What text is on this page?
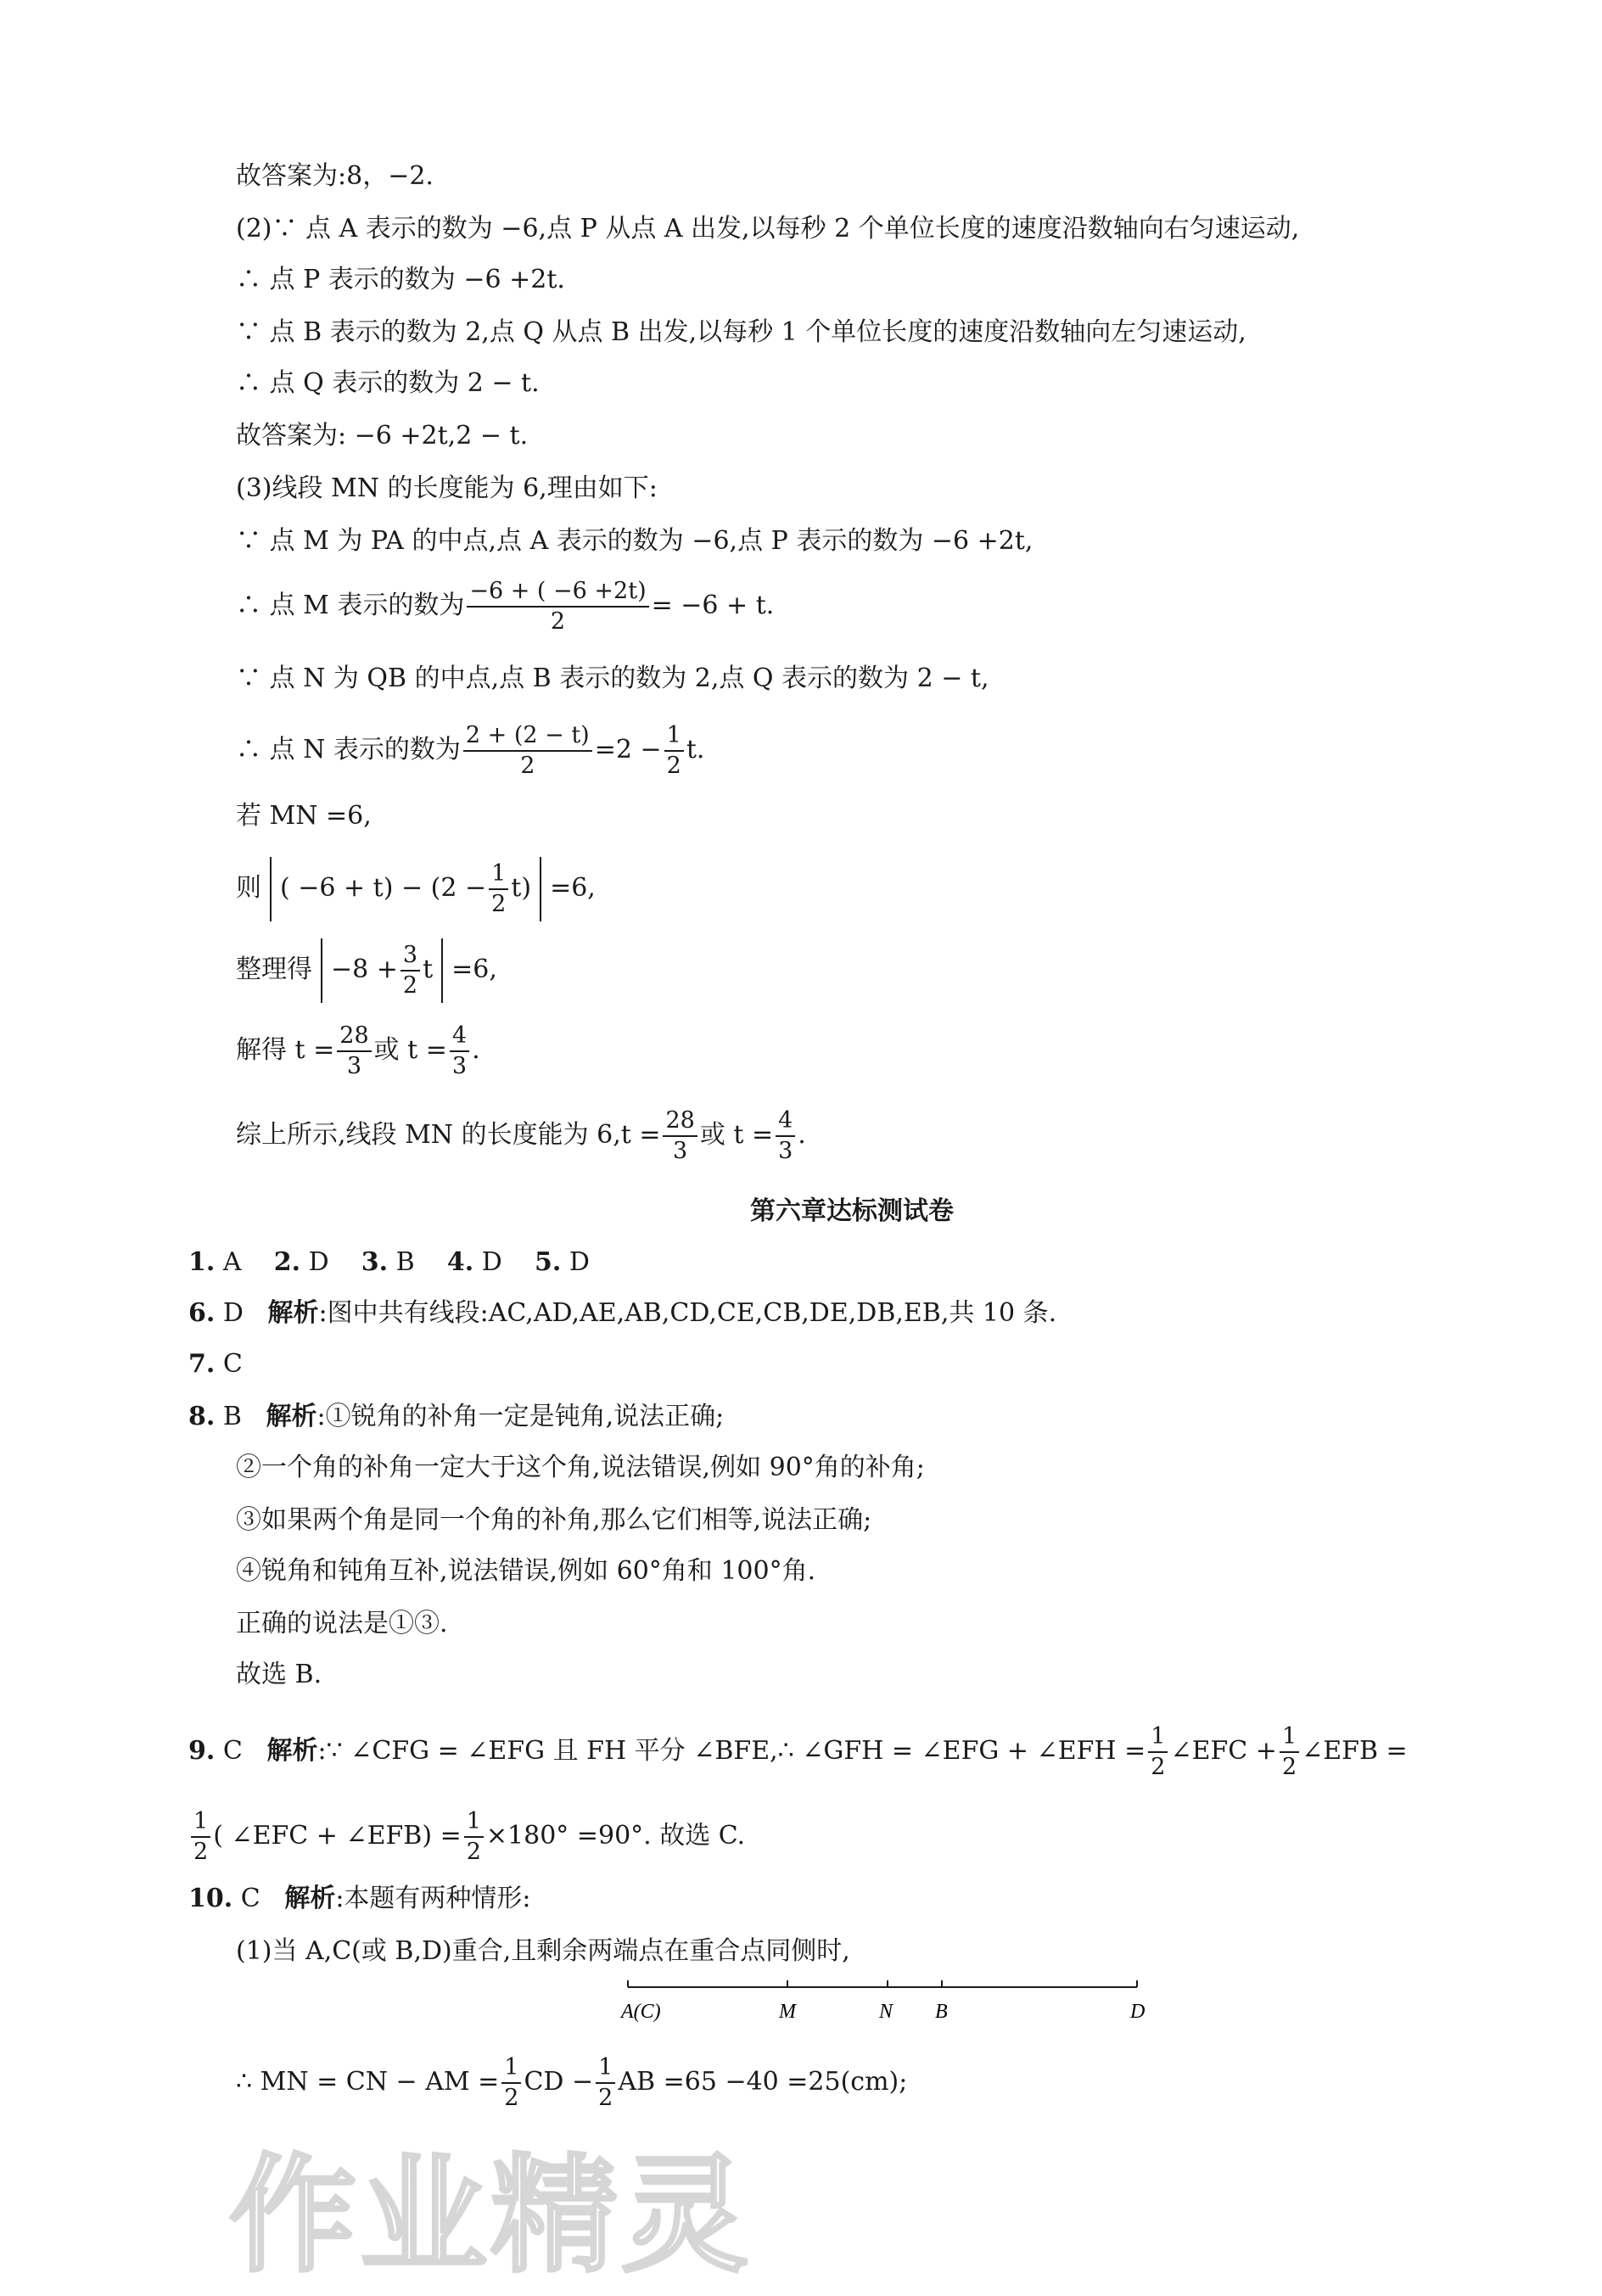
故答案为:8，−2.
(2)∵ 点 A 表示的数为 −6,点 P 从点 A 出发,以每秒 2 个单位长度的速度沿数轴向右匀速运动,
∴ 点 P 表示的数为 −6 +2t.
∵ 点 B 表示的数为 2,点 Q 从点 B 出发,以每秒 1 个单位长度的速度沿数轴向左匀速运动,
∴ 点 Q 表示的数为 2 − t.
故答案为: −6 +2t,2 − t.
(3)线段 MN 的长度能为 6,理由如下:
∵ 点 M 为 PA 的中点,点 A 表示的数为 −6,点 P 表示的数为 −6 +2t,
∴ 点 M 表示的数为 $\frac{-6 + ( -6 +2t)}{2} = -6 + t$.
∵ 点 N 为 QB 的中点,点 B 表示的数为 2,点 Q 表示的数为 2 − t,
∴ 点 N 表示的数为 $\frac{2 + (2 - t)}{2} =2 - \frac{1}{2} t$.
若 MN =6,
则 ( $-6 + t) - (2 - \frac{1}{2} t) =6$,
整理得 $-8 + \frac{3}{2}$ t =6,
解得 $t = \frac{28}{3}$ 或 $t = \frac{4}{3}$ .
综上所示,线段 MN 的长度能为 $6,t = \frac{28}{3}$ 或 $t = \frac{4}{3}$ .
第六章达标测试卷
1. A 2. D 3. B 4. D 5. D
6. D 解析:图中共有线段:AC,AD,AE,AB,CD,CE,CB,DE,DB,EB,共 10 条.
7. C
8. B 解析:①锐角的补角一定是钝角,说法正确;
②一个角的补角一定大于这个角,说法错误,例如 90°角的补角;
③如果两个角是同一个角的补角,那么它们相等,说法正确;
④锐角和钝角互补,说法错误,例如 60°角和 100°角.
正确的说法是①③.
故选 B.
9. C 解析:∵ ∠CFG = ∠EFG 且 FH 平分 ∠BFE,∴ ∠GFH = ∠EFG + ∠EFH = $\frac{1}{2}$ ∠EFC + $\frac{1}{2}$ ∠EFB =
$\frac{1}{2}$ ( ∠EFC + ∠EFB) = $\frac{1}{2} \times 180^\circ =90^\circ$. 故选 C.
10. C 解析:本题有两种情形:
(1)当 A,C(或 B,D)重合,且剩余两端点在重合点同侧时,
A(C)	M	N B	D
∴ MN = CN − AM = $\frac{1}{2}$ CD − $\frac{1}{2}$ AB =65 −40 =25(cm);
作业精灵
